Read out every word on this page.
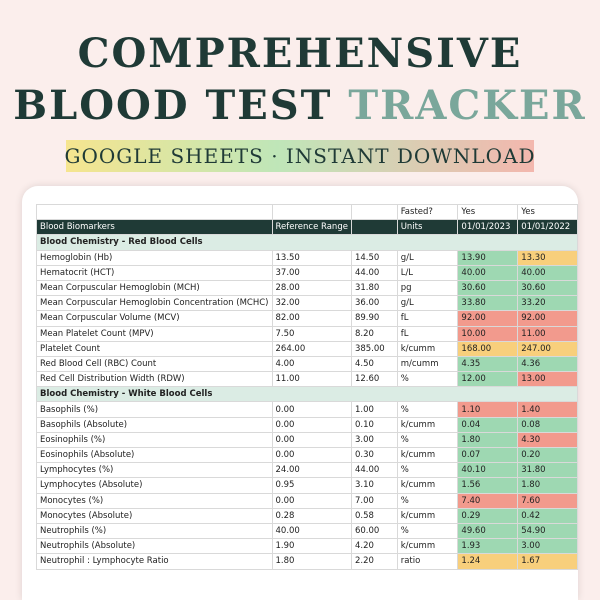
COMPREHENSIVE
BLOOD TEST TRACKER
GOOGLE SHEETS · INSTANT DOWNLOAD
			Fasted?	Yes	Yes
Blood Biomarkers	Reference Range		Units	01/01/2023	01/01/2022
Blood Chemistry - Red Blood Cells					
Hemoglobin (Hb)	13.50	14.50	g/L	13.90	13.30
Hematocrit (HCT)	37.00	44.00	L/L	40.00	40.00
Mean Corpuscular Hemoglobin (MCH)	28.00	31.80	pg	30.60	30.60
Mean Corpuscular Hemoglobin Concentration (MCHC)	32.00	36.00	g/L	33.80	33.20
Mean Corpuscular Volume (MCV)	82.00	89.90	fL	92.00	92.00
Mean Platelet Count (MPV)	7.50	8.20	fL	10.00	11.00
Platelet Count	264.00	385.00	k/cumm	168.00	247.00
Red Blood Cell (RBC) Count	4.00	4.50	m/cumm	4.35	4.36
Red Cell Distribution Width (RDW)	11.00	12.60	%	12.00	13.00
Blood Chemistry - White Blood Cells					
Basophils (%)	0.00	1.00	%	1.10	1.40
Basophils (Absolute)	0.00	0.10	k/cumm	0.04	0.08
Eosinophils (%)	0.00	3.00	%	1.80	4.30
Eosinophils (Absolute)	0.00	0.30	k/cumm	0.07	0.20
Lymphocytes (%)	24.00	44.00	%	40.10	31.80
Lymphocytes (Absolute)	0.95	3.10	k/cumm	1.56	1.80
Monocytes (%)	0.00	7.00	%	7.40	7.60
Monocytes (Absolute)	0.28	0.58	k/cumm	0.29	0.42
Neutrophils (%)	40.00	60.00	%	49.60	54.90
Neutrophils (Absolute)	1.90	4.20	k/cumm	1.93	3.00
Neutrophil : Lymphocyte Ratio	1.80	2.20	ratio	1.24	1.67
